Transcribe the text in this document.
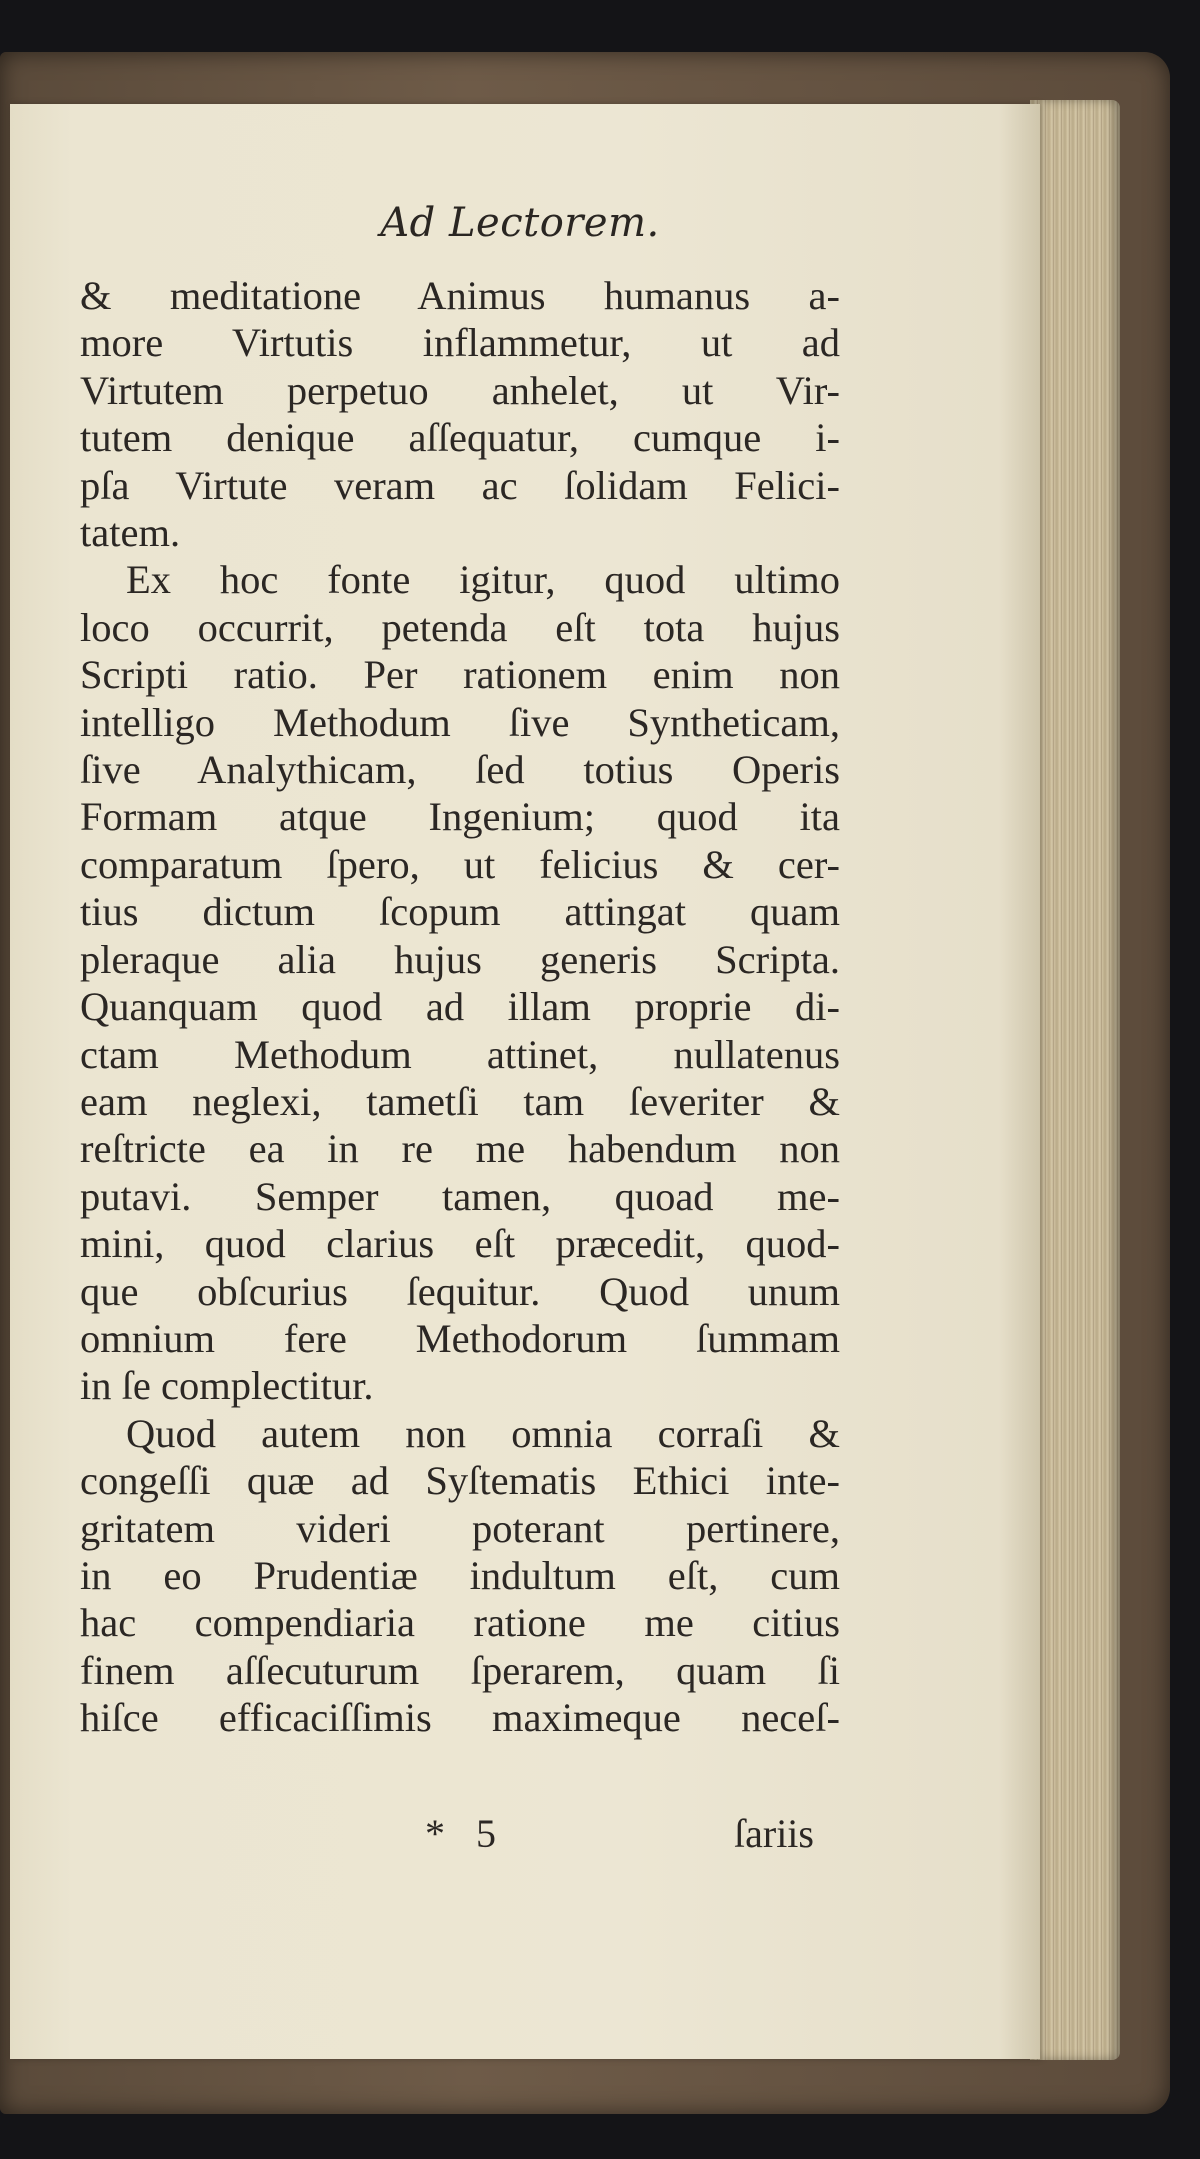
Ad Lectorem.
& meditatione Animus humanus a-
more Virtutis inflammetur, ut ad
Virtutem perpetuo anhelet, ut Vir-
tutem denique aſſequatur, cumque i-
pſa Virtute veram ac ſolidam Felici-
tatem.
Ex hoc fonte igitur, quod ultimo
loco occurrit, petenda eſt tota hujus
Scripti ratio. Per rationem enim non
intelligo Methodum ſive Syntheticam,
ſive Analythicam, ſed totius Operis
Formam atque Ingenium; quod ita
comparatum ſpero, ut felicius & cer-
tius dictum ſcopum attingat quam
pleraque alia hujus generis Scripta.
Quanquam quod ad illam proprie di-
ctam Methodum attinet, nullatenus
eam neglexi, tametſi tam ſeveriter &
reſtricte ea in re me habendum non
putavi. Semper tamen, quoad me-
mini, quod clarius eſt præcedit, quod-
que obſcurius ſequitur. Quod unum
omnium fere Methodorum ſummam
in ſe complectitur.
Quod autem non omnia corraſi &
congeſſi quæ ad Syſtematis Ethici inte-
gritatem videri poterant pertinere,
in eo Prudentiæ indultum eſt, cum
hac compendiaria ratione me citius
finem aſſecuturum ſperarem, quam ſi
hiſce efficaciſſimis maximeque neceſ-
* 5	ſariis
